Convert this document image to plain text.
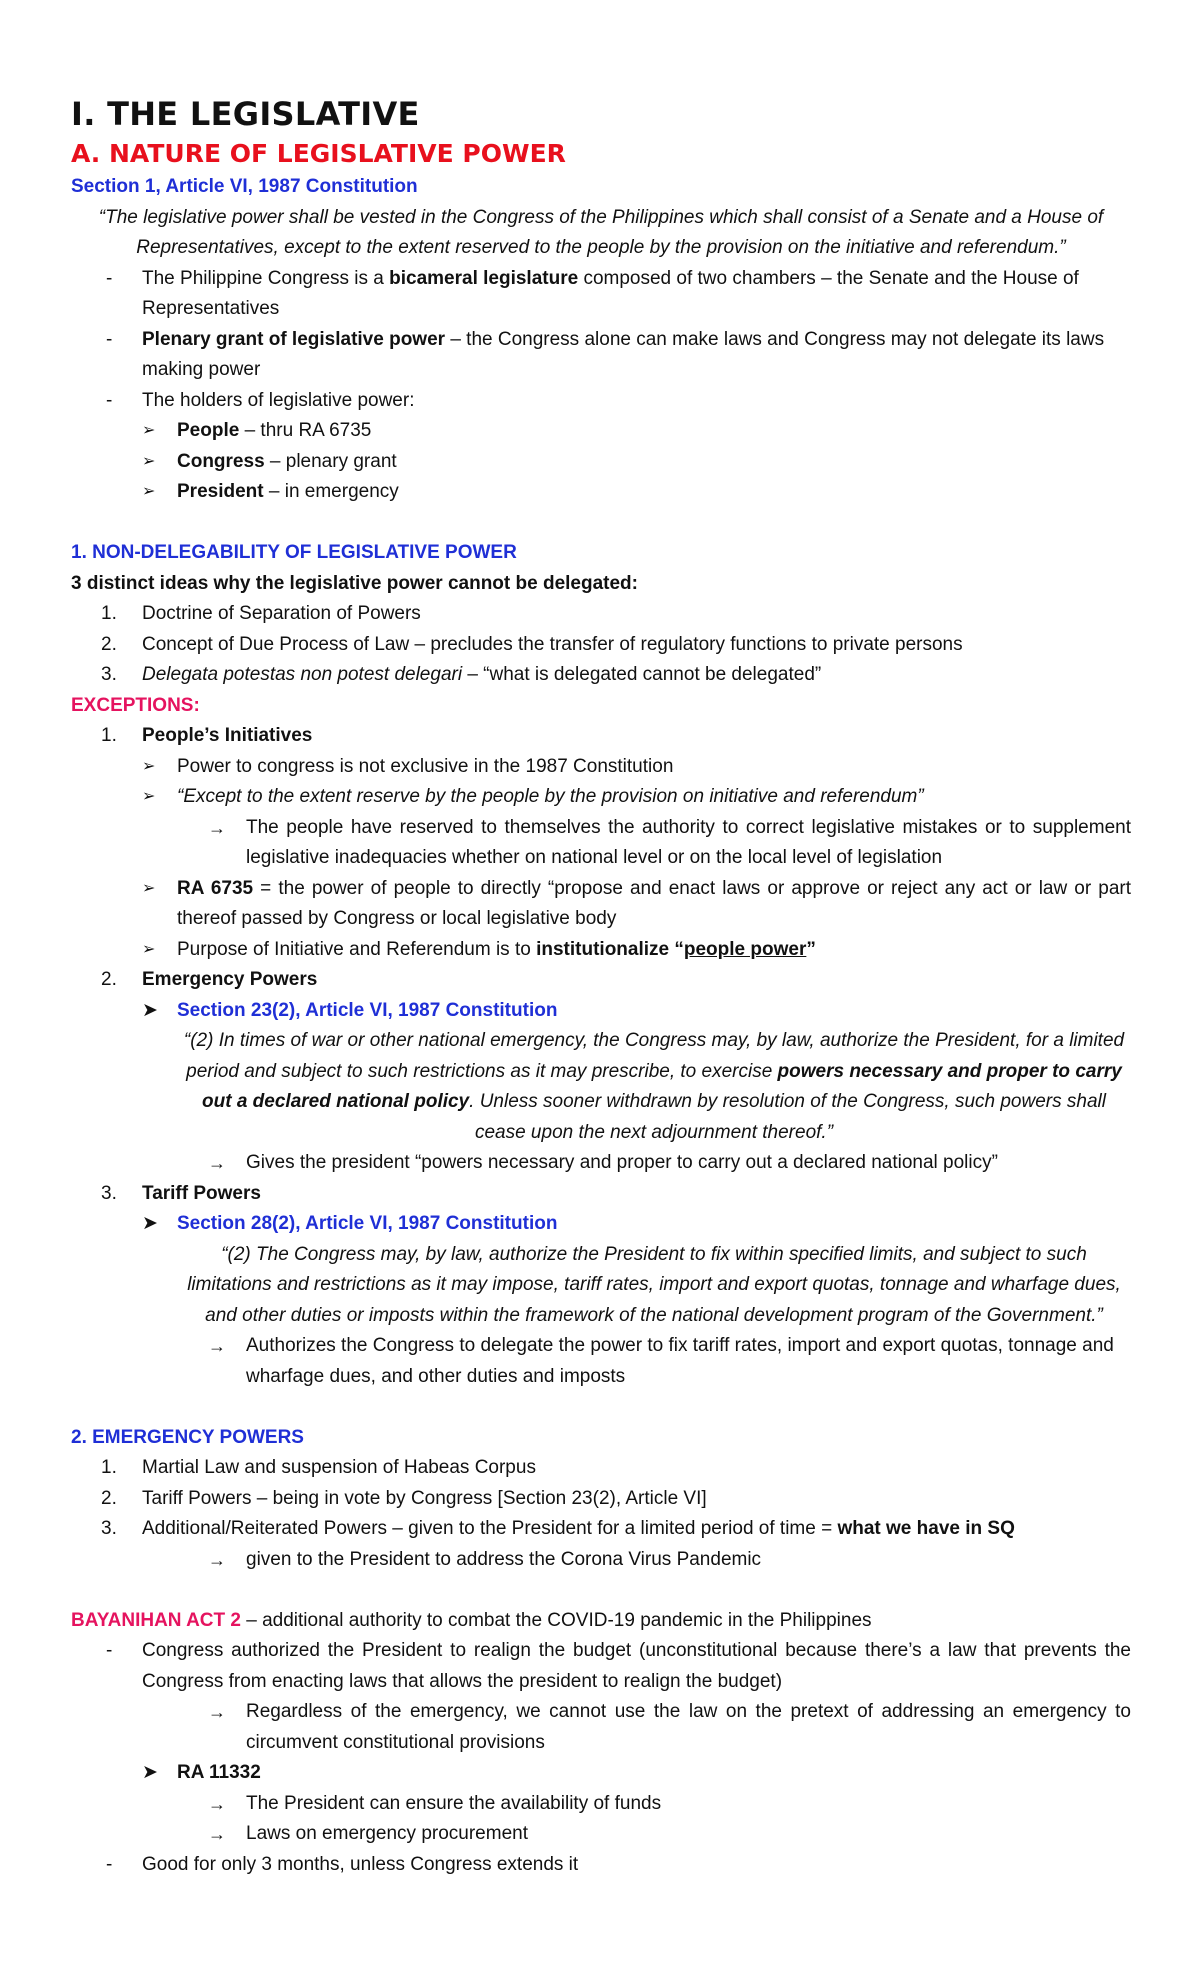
I. THE LEGISLATIVE
A. NATURE OF LEGISLATIVE POWER
Section 1, Article VI, 1987 Constitution
“The legislative power shall be vested in the Congress of the Philippines which shall consist of a Senate and a House of Representatives, except to the extent reserved to the people by the provision on the initiative and referendum.”
-	The Philippine Congress is a bicameral legislature composed of two chambers – the Senate and the House of Representatives
-	Plenary grant of legislative power – the Congress alone can make laws and Congress may not delegate its laws making power
-	The holders of legislative power:
➢	People – thru RA 6735
➢	Congress – plenary grant
➢	President – in emergency
1. NON-DELEGABILITY OF LEGISLATIVE POWER
3 distinct ideas why the legislative power cannot be delegated:
1.	Doctrine of Separation of Powers
2.	Concept of Due Process of Law – precludes the transfer of regulatory functions to private persons
3.	Delegata potestas non potest delegari – “what is delegated cannot be delegated”
EXCEPTIONS:
1.	People’s Initiatives
➢	Power to congress is not exclusive in the 1987 Constitution
➢	“Except to the extent reserve by the people by the provision on initiative and referendum”
→	The people have reserved to themselves the authority to correct legislative mistakes or to supplement legislative inadequacies whether on national level or on the local level of legislation
➢	RA 6735 = the power of people to directly “propose and enact laws or approve or reject any act or law or part thereof passed by Congress or local legislative body
➢	Purpose of Initiative and Referendum is to institutionalize “people power”
2.	Emergency Powers
➤	Section 23(2), Article VI, 1987 Constitution
“(2) In times of war or other national emergency, the Congress may, by law, authorize the President, for a limited period and subject to such restrictions as it may prescribe, to exercise powers necessary and proper to carry out a declared national policy. Unless sooner withdrawn by resolution of the Congress, such powers shall cease upon the next adjournment thereof.”
→	Gives the president “powers necessary and proper to carry out a declared national policy”
3.	Tariff Powers
➤	Section 28(2), Article VI, 1987 Constitution
“(2) The Congress may, by law, authorize the President to fix within specified limits, and subject to such limitations and restrictions as it may impose, tariff rates, import and export quotas, tonnage and wharfage dues, and other duties or imposts within the framework of the national development program of the Government.”
→	Authorizes the Congress to delegate the power to fix tariff rates, import and export quotas, tonnage and wharfage dues, and other duties and imposts
2. EMERGENCY POWERS
1.	Martial Law and suspension of Habeas Corpus
2.	Tariff Powers – being in vote by Congress [Section 23(2), Article VI]
3.	Additional/Reiterated Powers – given to the President for a limited period of time = what we have in SQ
→	given to the President to address the Corona Virus Pandemic
BAYANIHAN ACT 2 – additional authority to combat the COVID-19 pandemic in the Philippines
-	Congress authorized the President to realign the budget (unconstitutional because there’s a law that prevents the Congress from enacting laws that allows the president to realign the budget)
→	Regardless of the emergency, we cannot use the law on the pretext of addressing an emergency to circumvent constitutional provisions
➤	RA 11332
→	The President can ensure the availability of funds
→	Laws on emergency procurement
-	Good for only 3 months, unless Congress extends it
